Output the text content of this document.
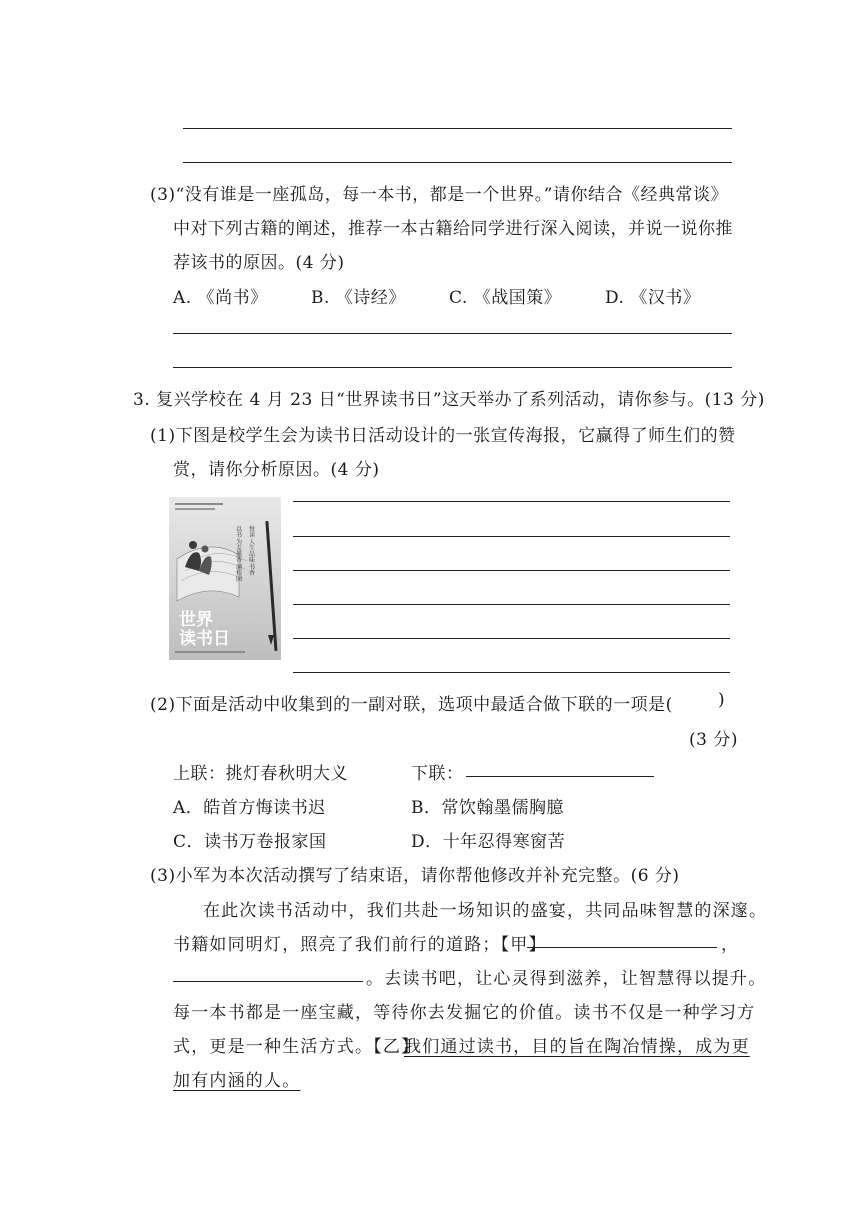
(3)“没有谁是一座孤岛，每一本书，都是一个世界。”请你结合《经典常谈》
中对下列古籍的阐述，推荐一本古籍给同学进行深入阅读，并说一说你推
荐该书的原因。(4 分)
A. 《尚书》	B. 《诗经》	C. 《战国策》	D. 《汉书》
3. 复兴学校在 4 月 23 日“世界读书日”这天举办了系列活动，请你参与。(13 分)
(1)下图是校学生会为读书日活动设计的一张宣传海报，它赢得了师生们的赞
赏，请你分析原因。(4 分)
世界
读书日
悦读人生 品味书香
以书为友 墨香满校园
(2)下面是活动中收集到的一副对联，选项中最适合做下联的一项是(	)
(3 分)
上联：挑灯春秋明大义	下联：
A．皓首方悔读书迟	B．常饮翰墨儒胸臆
C．读书万卷报家国	D．十年忍得寒窗苦
(3)小军为本次活动撰写了结束语，请你帮他修改并补充完整。(6 分)
在此次读书活动中，我们共赴一场知识的盛宴，共同品味智慧的深邃。
书籍如同明灯，照亮了我们前行的道路；【甲】	，
。去读书吧，让心灵得到滋养，让智慧得以提升。
每一本书都是一座宝藏，等待你去发掘它的价值。读书不仅是一种学习方
式，更是一种生活方式。【乙】
我们通过读书，目的旨在陶冶情操，成为更
加有内涵的人。
